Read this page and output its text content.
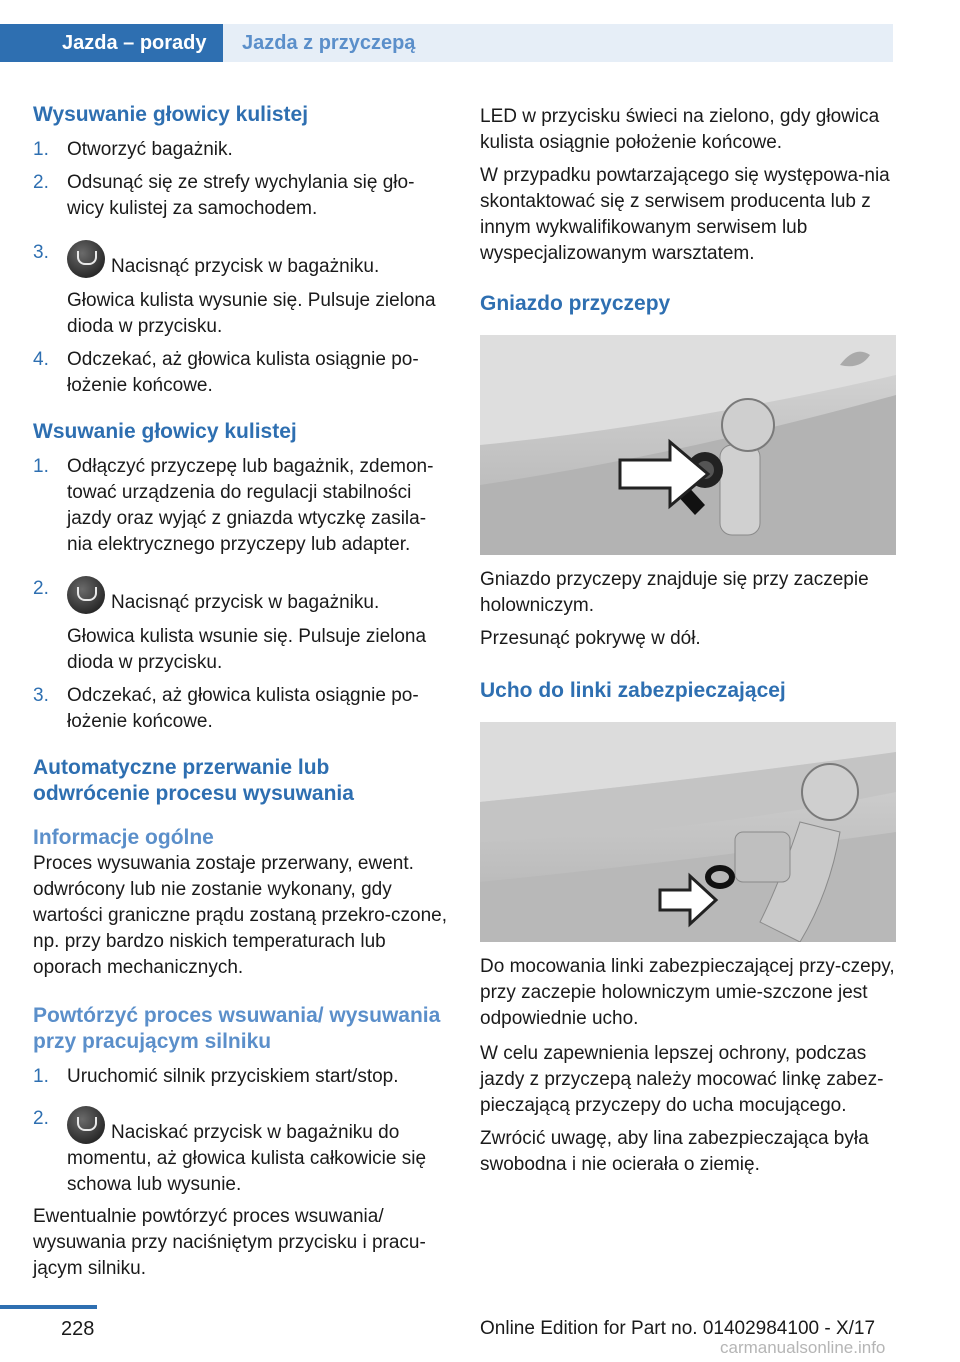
Jazda – porady	Jazda z przyczepą
Wysuwanie głowicy kulistej
1. Otworzyć bagażnik.
2. Odsunąć się ze strefy wychylania się gło-wicy kulistej za samochodem.
3.
Nacisnąć przycisk w bagażniku.
Głowica kulista wysunie się. Pulsuje zielona dioda w przycisku.
4. Odczekać, aż głowica kulista osiągnie po-łożenie końcowe.
Wsuwanie głowicy kulistej
1. Odłączyć przyczepę lub bagażnik, zdemon-tować urządzenia do regulacji stabilności jazdy oraz wyjąć z gniazda wtyczkę zasila-nia elektrycznego przyczepy lub adapter.
2.
Nacisnąć przycisk w bagażniku.
Głowica kulista wsunie się. Pulsuje zielona dioda w przycisku.
3. Odczekać, aż głowica kulista osiągnie po-łożenie końcowe.
Automatyczne przerwanie lub odwrócenie procesu wysuwania
Informacje ogólne

Proces wysuwania zostaje przerwany, ewent. odwrócony lub nie zostanie wykonany, gdy wartości graniczne prądu zostaną przekro-czone, np. przy bardzo niskich temperaturach lub oporach mechanicznych.

Powtórzyć proces wsuwania/ wysuwania przy pracującym silniku
1. Uruchomić silnik przyciskiem start/stop.
2.
Naciskać przycisk w bagażniku do momentu, aż głowica kulista całkowicie się schowa lub wysunie.

Ewentualnie powtórzyć proces wsuwania/ wysuwania przy naciśniętym przycisku i pracu-jącym silniku.

LED w przycisku świeci na zielono, gdy głowica kulista osiągnie położenie końcowe.

W przypadku powtarzającego się występowa-nia skontaktować się z serwisem producenta lub z innym wykwalifikowanym serwisem lub wyspecjalizowanym warsztatem.

Gniazdo przyczepy

Gniazdo przyczepy znajduje się przy zaczepie holowniczym.

Przesunąć pokrywę w dół.

Ucho do linki zabezpieczającej

Do mocowania linki zabezpieczającej przy-czepy, przy zaczepie holowniczym umie-szczone jest odpowiednie ucho.

W celu zapewnienia lepszej ochrony, podczas jazdy z przyczepą należy mocować linkę zabez-pieczającą przyczepy do ucha mocującego.

Zwrócić uwagę, aby lina zabezpieczająca była swobodna i nie ocierała o ziemię.

228	Online Edition for Part no. 01402984100 - X/17
carmanualsonline.info
